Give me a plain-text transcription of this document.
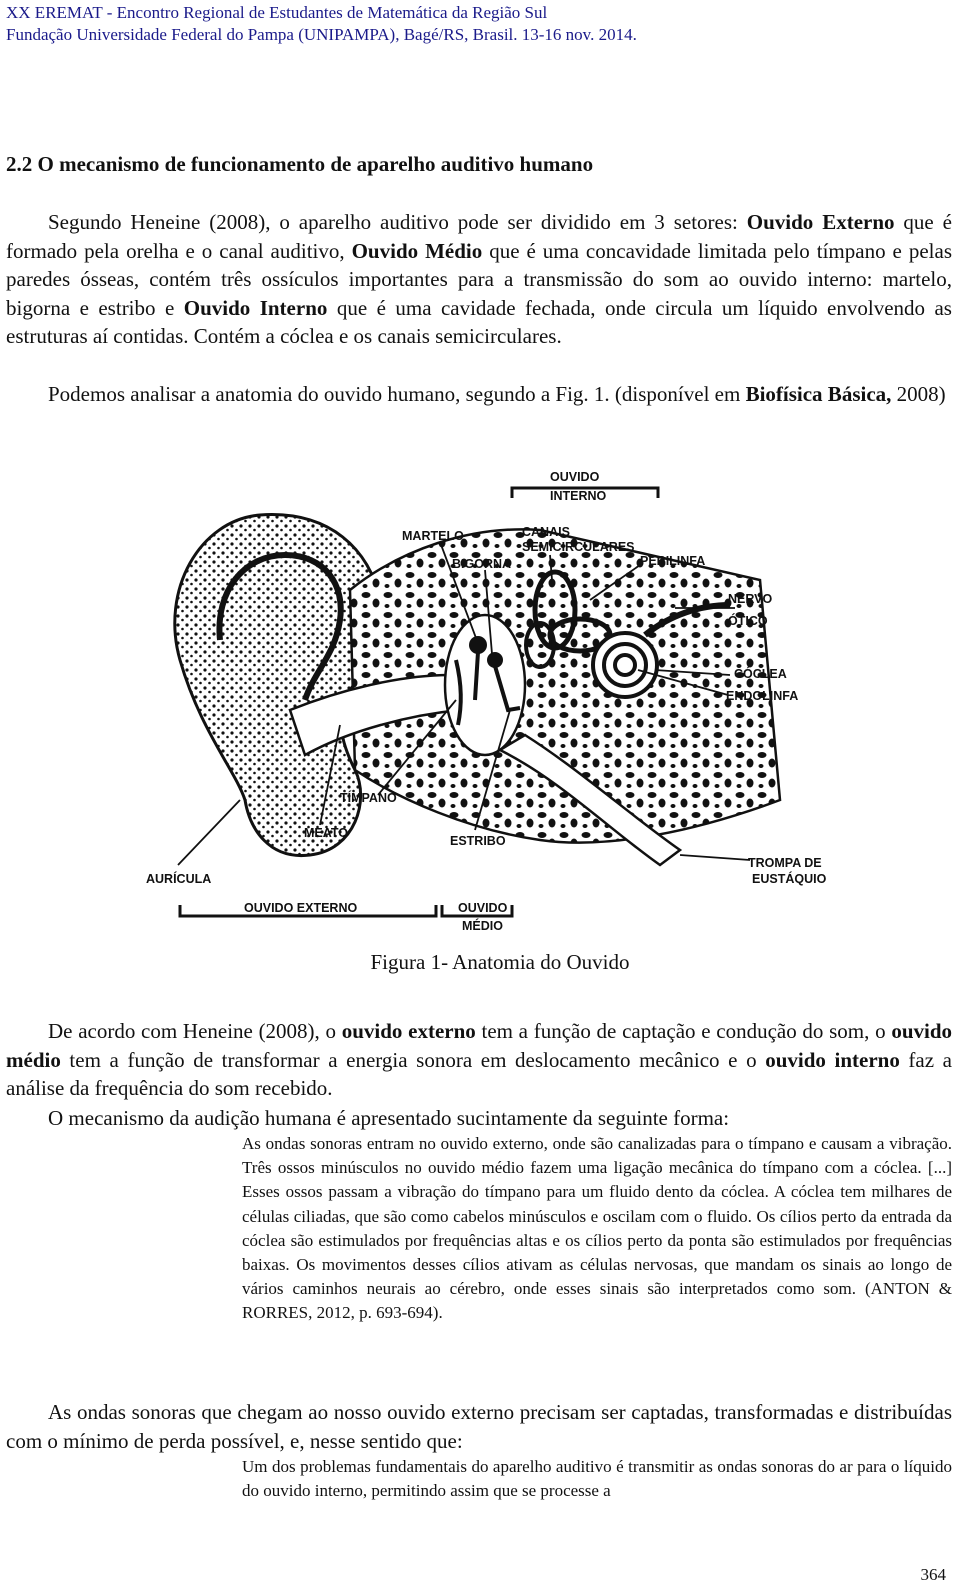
XX EREMAT - Encontro Regional de Estudantes de Matemática da Região Sul
Fundação Universidade Federal do Pampa (UNIPAMPA), Bagé/RS, Brasil. 13-16 nov. 2014.
2.2 O mecanismo de funcionamento de aparelho auditivo humano

Segundo Heneine (2008), o aparelho auditivo pode ser dividido em 3 setores: Ouvido Externo que é formado pela orelha e o canal auditivo, Ouvido Médio que é uma concavidade limitada pelo tímpano e pelas paredes ósseas, contém três ossículos importantes para a transmissão do som ao ouvido interno: martelo, bigorna e estribo e Ouvido Interno que é uma cavidade fechada, onde circula um líquido envolvendo as estruturas aí contidas. Contém a cóclea e os canais semicirculares.

Podemos analisar a anatomia do ouvido humano, segundo a Fig. 1. (disponível em Biofísica Básica, 2008)

OUVIDO
INTERNO
MARTELO	CANAIS
SEMICIRCULARES
BIGORNA	PERILINFA
NERVO
ÓTICO
CÓCLEA
ENDOLINFA
TÍMPANO
MEATO
ESTRIBO
AURÍCULA
TROMPA DE
EUSTÁQUIO
OUVIDO EXTERNO	OUVIDO
MÉDIO
Figura 1- Anatomia do Ouvido

De acordo com Heneine (2008), o ouvido externo tem a função de captação e condução do som, o ouvido médio tem a função de transformar a energia sonora em deslocamento mecânico e o ouvido interno faz a análise da frequência do som recebido.

O mecanismo da audição humana é apresentado sucintamente da seguinte forma:

As ondas sonoras entram no ouvido externo, onde são canalizadas para o tímpano e causam a vibração. Três ossos minúsculos no ouvido médio fazem uma ligação mecânica do tímpano com a cóclea. [...] Esses ossos passam a vibração do tímpano para um fluido dento da cóclea. A cóclea tem milhares de células ciliadas, que são como cabelos minúsculos e oscilam com o fluido. Os cílios perto da entrada da cóclea são estimulados por frequências altas e os cílios perto da ponta são estimulados por frequências baixas. Os movimentos desses cílios ativam as células nervosas, que mandam os sinais ao longo de vários caminhos neurais ao cérebro, onde esses sinais são interpretados como som. (ANTON & RORRES, 2012, p. 693-694).

As ondas sonoras que chegam ao nosso ouvido externo precisam ser captadas, transformadas e distribuídas com o mínimo de perda possível, e, nesse sentido que:

Um dos problemas fundamentais do aparelho auditivo é transmitir as ondas sonoras do ar para o líquido do ouvido interno, permitindo assim que se processe a

364
